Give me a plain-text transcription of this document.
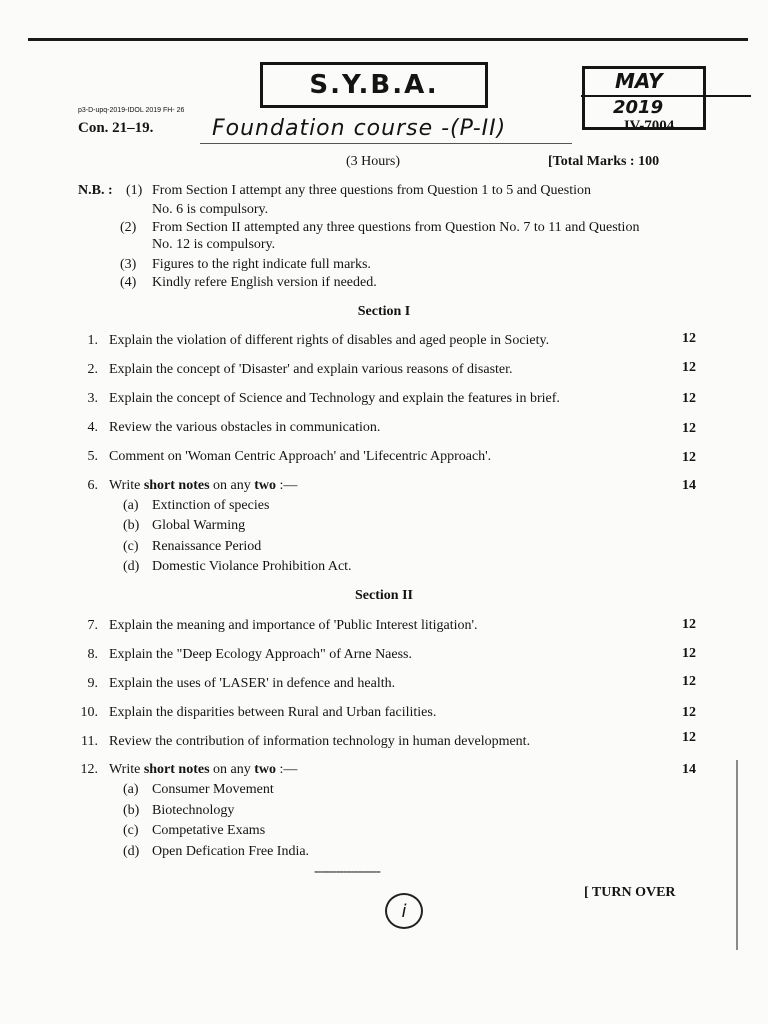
S.Y.B.A.	MAY
2019
p3-D-upq-2019-IDOL 2019 FH- 26
Con. 21–19.	Foundation course -(P-II)	JV-7004
(3 Hours)	[Total Marks : 100
N.B. : (1) From Section I attempt any three questions from Question 1 to 5 and Question
No. 6 is compulsory.
(2) From Section II attempted any three questions from Question No. 7 to 11 and Question
No. 12 is compulsory.
(3) Figures to the right indicate full marks.
(4) Kindly refere English version if needed.
Section I
1. Explain the violation of different rights of disables and aged people in Society.	12
2. Explain the concept of 'Disaster' and explain various reasons of disaster.	12
3. Explain the concept of Science and Technology and explain the features in brief.	12
4. Review the various obstacles in communication.	12
5. Comment on 'Woman Centric Approach' and 'Lifecentric Approach'.	12
6. Write short notes on any two :—	14
(a) Extinction of species
(b) Global Warming
(c) Renaissance Period
(d) Domestic Violance Prohibition Act.
Section II
7. Explain the meaning and importance of 'Public Interest litigation'.	12
8. Explain the "Deep Ecology Approach" of Arne Naess.	12
9. Explain the uses of 'LASER' in defence and health.	12
10. Explain the disparities between Rural and Urban facilities.	12
11. Review the contribution of information technology in human development.	12
12. Write short notes on any two :—	14
(a) Consumer Movement
(b) Biotechnology
(c) Competative Exams
(d) Open Defication Free India.
------------------
[ TURN OVER
i
